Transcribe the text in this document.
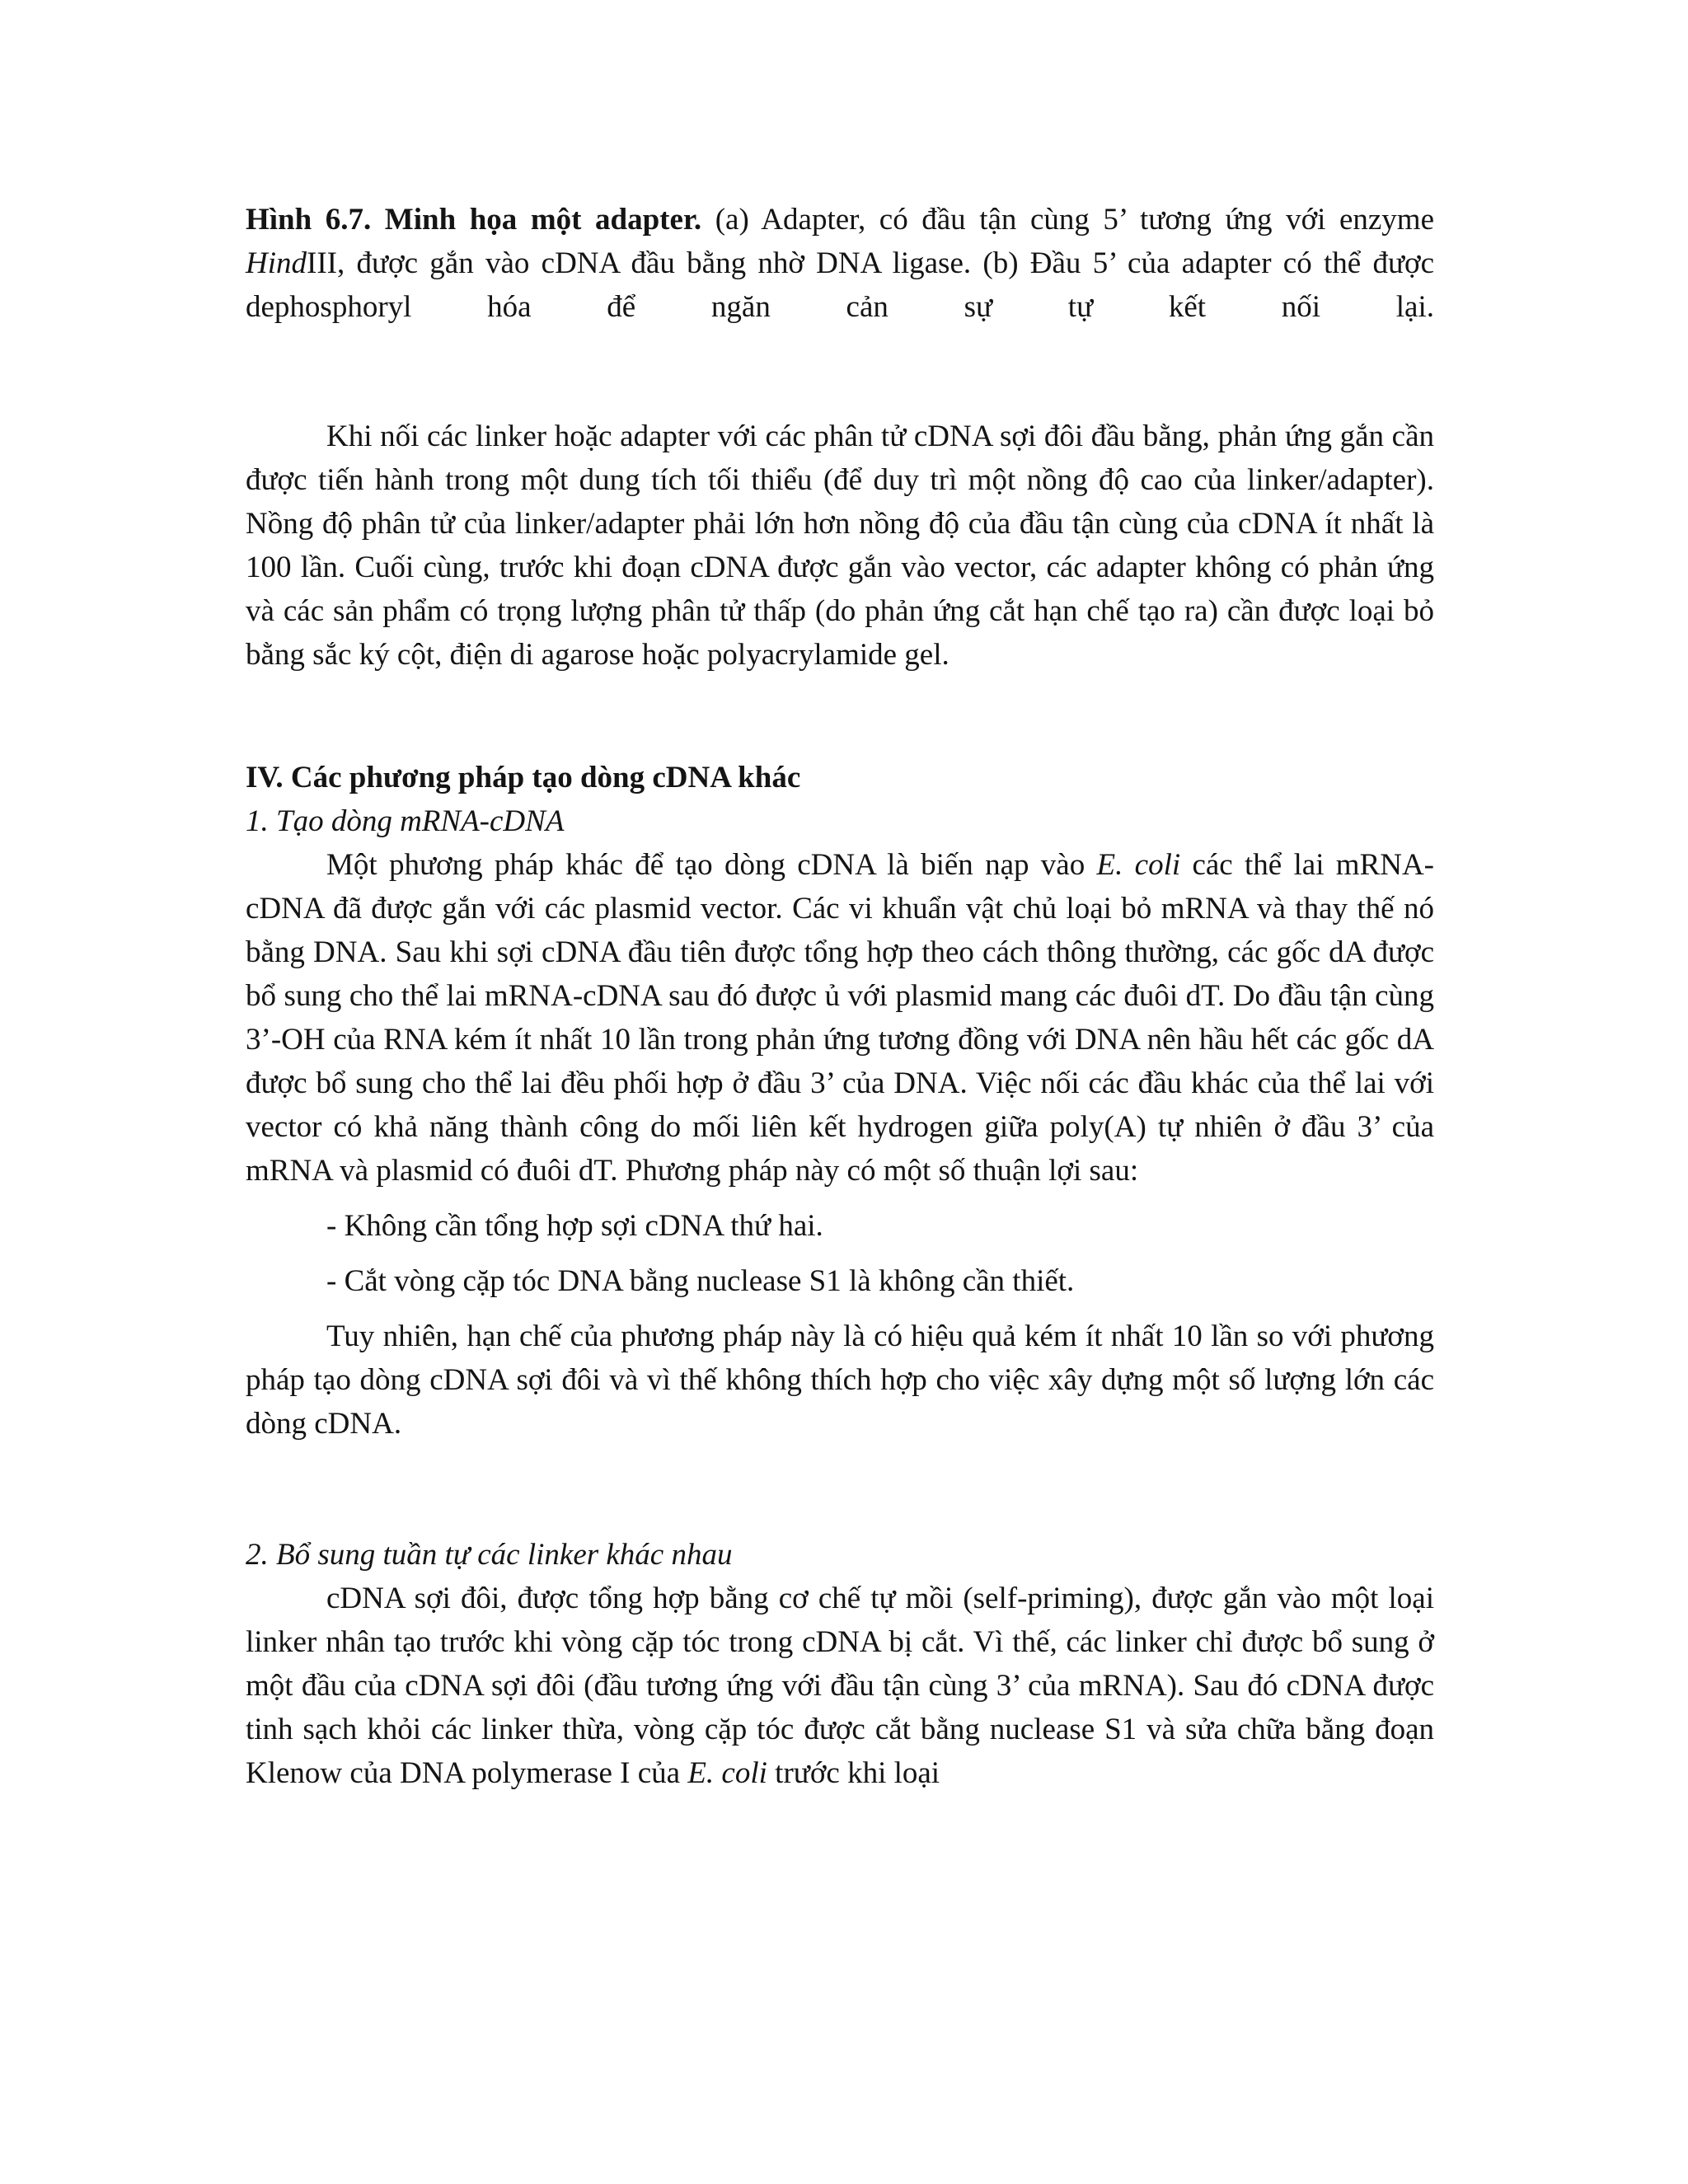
Hình 6.7. Minh họa một adapter. (a) Adapter, có đầu tận cùng 5’ tương ứng với enzyme HindIII, được gắn vào cDNA đầu bằng nhờ DNA ligase. (b) Đầu 5’ của adapter có thể được dephosphoryl hóa để ngăn cản sự tự kết nối lại.

Khi nối các linker hoặc adapter với các phân tử cDNA sợi đôi đầu bằng, phản ứng gắn cần được tiến hành trong một dung tích tối thiểu (để duy trì một nồng độ cao của linker/adapter). Nồng độ phân tử của linker/adapter phải lớn hơn nồng độ của đầu tận cùng của cDNA ít nhất là 100 lần. Cuối cùng, trước khi đoạn cDNA được gắn vào vector, các adapter không có phản ứng và các sản phẩm có trọng lượng phân tử thấp (do phản ứng cắt hạn chế tạo ra) cần được loại bỏ bằng sắc ký cột, điện di agarose hoặc polyacrylamide gel.

IV. Các phương pháp tạo dòng cDNA khác
1. Tạo dòng mRNA-cDNA

Một phương pháp khác để tạo dòng cDNA là biến nạp vào E. coli các thể lai mRNA-cDNA đã được gắn với các plasmid vector. Các vi khuẩn vật chủ loại bỏ mRNA và thay thế nó bằng DNA. Sau khi sợi cDNA đầu tiên được tổng hợp theo cách thông thường, các gốc dA được bổ sung cho thể lai mRNA-cDNA sau đó được ủ với plasmid mang các đuôi dT. Do đầu tận cùng 3’-OH của RNA kém ít nhất 10 lần trong phản ứng tương đồng với DNA nên hầu hết các gốc dA được bổ sung cho thể lai đều phối hợp ở đầu 3’ của DNA. Việc nối các đầu khác của thể lai với vector có khả năng thành công do mối liên kết hydrogen giữa poly(A) tự nhiên ở đầu 3’ của mRNA và plasmid có đuôi dT. Phương pháp này có một số thuận lợi sau:

- Không cần tổng hợp sợi cDNA thứ hai.

- Cắt vòng cặp tóc DNA bằng nuclease S1 là không cần thiết.

Tuy nhiên, hạn chế của phương pháp này là có hiệu quả kém ít nhất 10 lần so với phương pháp tạo dòng cDNA sợi đôi và vì thế không thích hợp cho việc xây dựng một số lượng lớn các dòng cDNA.

2. Bổ sung tuần tự các linker khác nhau

cDNA sợi đôi, được tổng hợp bằng cơ chế tự mồi (self-priming), được gắn vào một loại linker nhân tạo trước khi vòng cặp tóc trong cDNA bị cắt. Vì thế, các linker chỉ được bổ sung ở một đầu của cDNA sợi đôi (đầu tương ứng với đầu tận cùng 3’ của mRNA). Sau đó cDNA được tinh sạch khỏi các linker thừa, vòng cặp tóc được cắt bằng nuclease S1 và sửa chữa bằng đoạn Klenow của DNA polymerase I của E. coli trước khi loại
